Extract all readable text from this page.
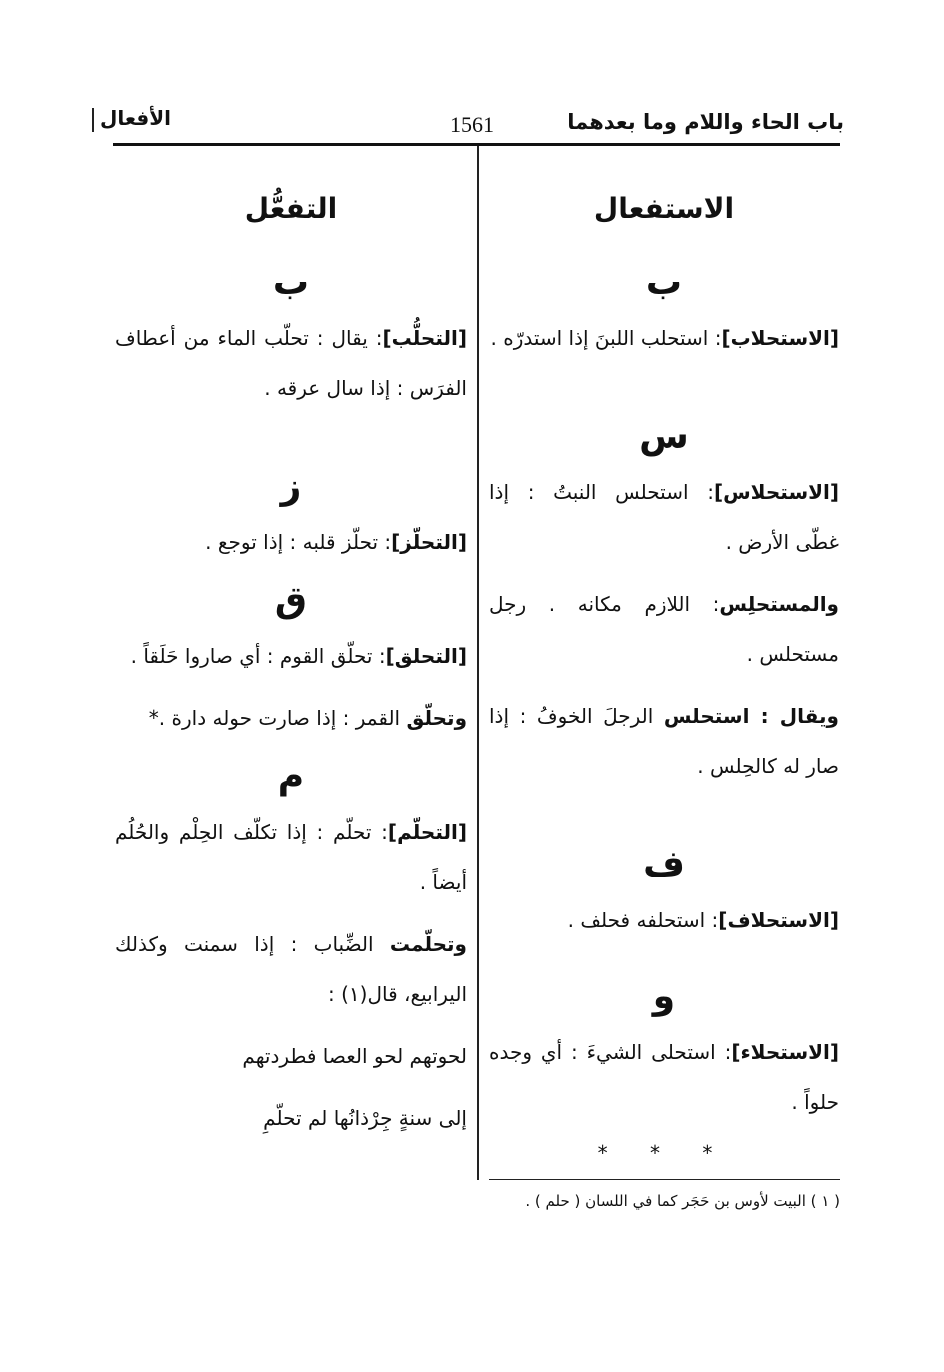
باب الحاء واللام وما بعدهما
1561
الأفعال
الاستفعال
ب

[الاستحلاب]: استحلب اللبنَ إذا استدرّه .

س

[الاستحلاس]: استحلس النبتُ : إذا غطّى الأرض .

والمستحلِس: اللازم مكانه . رجل مستحلس .

ويقال : استحلس الرجلَ الخوفُ : إذا صار له كالحِلس .

ف

[الاستحلاف]: استحلفه فحلف .

و

[الاستحلاء]: استحلى الشيءَ : أي وجده حلواً .

* * *
التفعُّل
ب

[التحلُّب]: يقال : تحلّب الماء من أعطاف الفرَس : إذا سال عرقه .

ز

[التحلّز]: تحلّز قلبه : إذا توجع .

ق

[التحلق]: تحلّق القوم : أي صاروا حَلَقاً .

وتحلّق القمر : إذا صارت حوله دارة .*

م

[التحلّم]: تحلّم : إذا تكلّف الحِلْم والحُلُم أيضاً .

وتحلّمت الضِّباب : إذا سمنت وكذلك اليرابيع، قال(١) :

لحوتهم لحو العصا فطردتهم
إلى سنةٍ جِرْذانُها لم تحلّمِ
( ١ ) البيت لأوس بن حَجَر كما في اللسان ( حلم ) .
